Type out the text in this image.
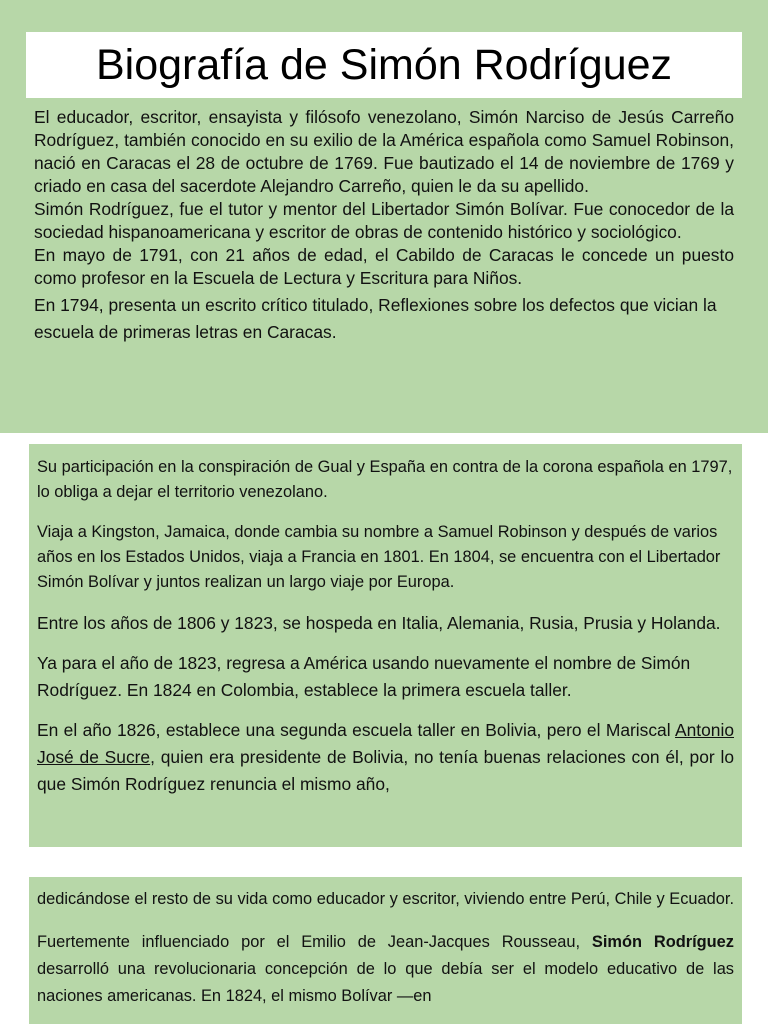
Biografía de Simón Rodríguez

El educador, escritor, ensayista y filósofo venezolano, Simón Narciso de Jesús Carreño Rodríguez, también conocido en su exilio de la América española como Samuel Robinson, nació en Caracas el 28 de octubre de 1769. Fue bautizado el 14 de noviembre de 1769 y criado en casa del sacerdote Alejandro Carreño, quien le da su apellido.

Simón Rodríguez, fue el tutor y mentor del Libertador Simón Bolívar. Fue conocedor de la sociedad hispanoamericana y escritor de obras de contenido histórico y sociológico.

En mayo de 1791, con 21 años de edad, el Cabildo de Caracas le concede un puesto como profesor en la Escuela de Lectura y Escritura para Niños.

En 1794, presenta un escrito crítico titulado, Reflexiones sobre los defectos que vician la escuela de primeras letras en Caracas.

Su participación en la conspiración de Gual y España en contra de la corona española en 1797, lo obliga a dejar el territorio venezolano.

Viaja a Kingston, Jamaica, donde cambia su nombre a Samuel Robinson y después de varios años en los Estados Unidos, viaja a Francia en 1801. En 1804, se encuentra con el Libertador Simón Bolívar y juntos realizan un largo viaje por Europa.

Entre los años de 1806 y 1823, se hospeda en Italia, Alemania, Rusia, Prusia y Holanda.

Ya para el año de 1823, regresa a América usando nuevamente el nombre de Simón Rodríguez. En 1824 en Colombia, establece la primera escuela taller.

En el año 1826, establece una segunda escuela taller en Bolivia, pero el Mariscal Antonio José de Sucre, quien era presidente de Bolivia, no tenía buenas relaciones con él, por lo que Simón Rodríguez renuncia el mismo año,

dedicándose el resto de su vida como educador y escritor, viviendo entre Perú, Chile y Ecuador.

Fuertemente influenciado por el Emilio de Jean-Jacques Rousseau, Simón Rodríguez desarrolló una revolucionaria concepción de lo que debía ser el modelo educativo de las naciones americanas. En 1824, el mismo Bolívar —en
